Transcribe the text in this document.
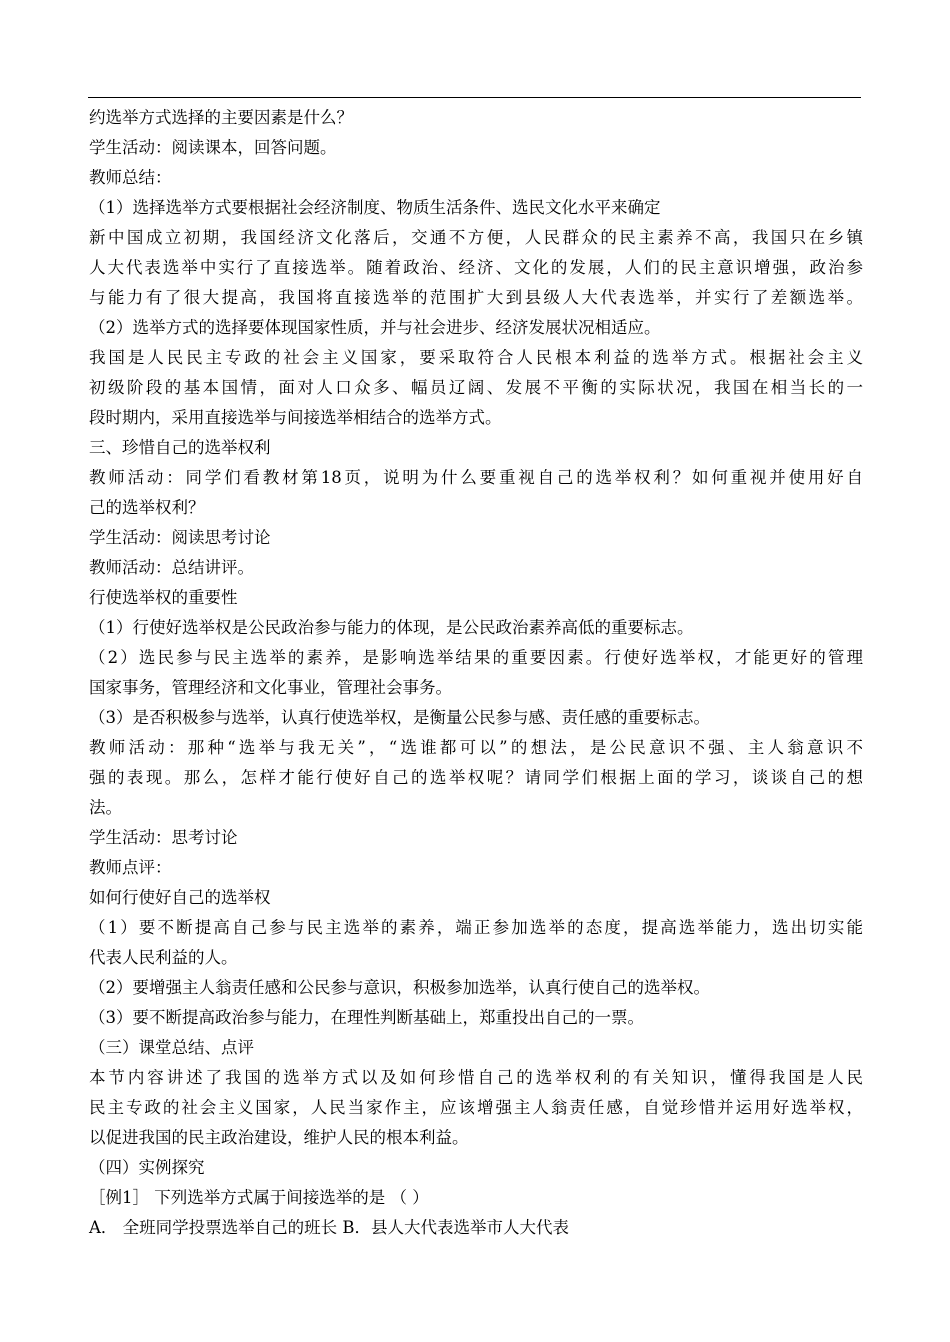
约选举方式选择的主要因素是什么？
学生活动：阅读课本，回答问题。
教师总结：
（1）选择选举方式要根据社会经济制度、物质生活条件、选民文化水平来确定
新中国成立初期，我国经济文化落后，交通不方便，人民群众的民主素养不高，我国只在乡镇
人大代表选举中实行了直接选举。随着政治、经济、文化的发展，人们的民主意识增强，政治参
与能力有了很大提高，我国将直接选举的范围扩大到县级人大代表选举，并实行了差额选举。
（2）选举方式的选择要体现国家性质，并与社会进步、经济发展状况相适应。
我国是人民民主专政的社会主义国家，要采取符合人民根本利益的选举方式。根据社会主义
初级阶段的基本国情，面对人口众多、幅员辽阔、发展不平衡的实际状况，我国在相当长的一
段时期内，采用直接选举与间接选举相结合的选举方式。
三、珍惜自己的选举权利
教师活动：同学们看教材第18页，说明为什么要重视自己的选举权利？如何重视并使用好自
己的选举权利？
学生活动：阅读思考讨论
教师活动：总结讲评。
行使选举权的重要性
（1）行使好选举权是公民政治参与能力的体现，是公民政治素养高低的重要标志。
（2）选民参与民主选举的素养，是影响选举结果的重要因素。行使好选举权，才能更好的管理
国家事务，管理经济和文化事业，管理社会事务。
（3）是否积极参与选举，认真行使选举权，是衡量公民参与感、责任感的重要标志。
教师活动：那种“选举与我无关”，“选谁都可以”的想法，是公民意识不强、主人翁意识不
强的表现。那么，怎样才能行使好自己的选举权呢？请同学们根据上面的学习，谈谈自己的想
法。
学生活动：思考讨论
教师点评：
如何行使好自己的选举权
（1）要不断提高自己参与民主选举的素养，端正参加选举的态度，提高选举能力，选出切实能
代表人民利益的人。
（2）要增强主人翁责任感和公民参与意识，积极参加选举，认真行使自己的选举权。
（3）要不断提高政治参与能力，在理性判断基础上，郑重投出自己的一票。
（三）课堂总结、点评
本节内容讲述了我国的选举方式以及如何珍惜自己的选举权利的有关知识，懂得我国是人民
民主专政的社会主义国家，人民当家作主，应该增强主人翁责任感，自觉珍惜并运用好选举权，
以促进我国的民主政治建设，维护人民的根本利益。
（四）实例探究
［例1］ 下列选举方式属于间接选举的是 （ ）
A． 全班同学投票选举自己的班长 B．县人大代表选举市人大代表
